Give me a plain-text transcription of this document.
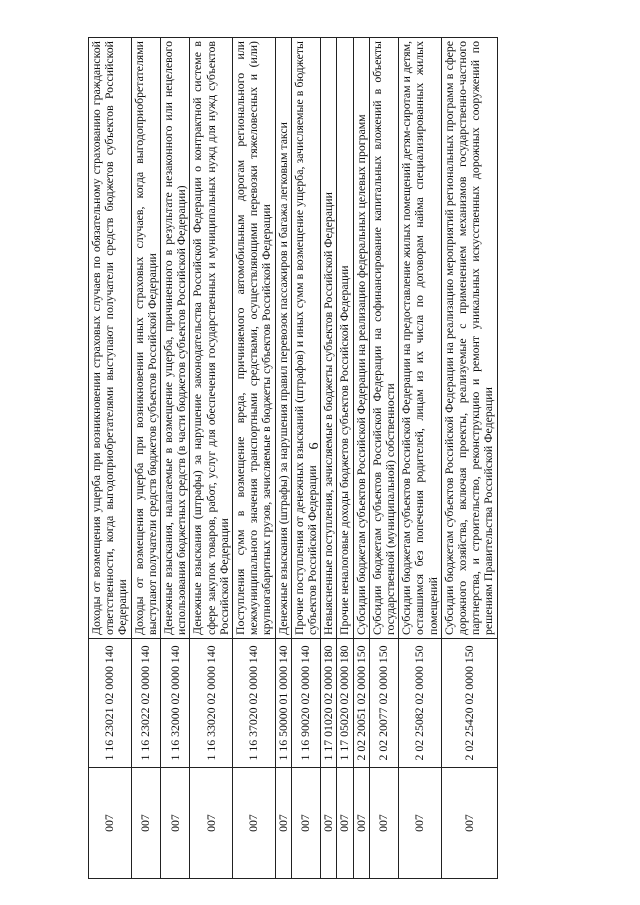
6
007	1 16 23021 02 0000 140	Доходы от возмещения ущерба при возникновении страховых случаев по обязательному страхованию гражданской ответственности, когда выгодоприобретателями выступают получатели средств бюджетов субъектов Российской Федерации
007	1 16 23022 02 0000 140	Доходы от возмещения ущерба при возникновении иных страховых случаев, когда выгодоприобретателями выступают получатели средств бюджетов субъектов Российской Федерации
007	1 16 32000 02 0000 140	Денежные взыскания, налагаемые в возмещение ущерба, причиненного в результате незаконного или нецелевого использования бюджетных средств (в части бюджетов субъектов Российской Федерации)
007	1 16 33020 02 0000 140	Денежные взыскания (штрафы) за нарушение законодательства Российской Федерации о контрактной системе в сфере закупок товаров, работ, услуг для обеспечения государственных и муниципальных нужд для нужд субъектов Российской Федерации
007	1 16 37020 02 0000 140	Поступления сумм в возмещение вреда, причиняемого автомобильным дорогам регионального или межмуниципального значения транспортными средствами, осуществляющими перевозки тяжеловесных и (или) крупногабаритных грузов, зачисляемые в бюджеты субъектов Российской Федерации
007	1 16 50000 01 0000 140	Денежные взыскания (штрафы) за нарушения правил перевозок пассажиров и багажа легковым такси
007	1 16 90020 02 0000 140	Прочие поступления от денежных взысканий (штрафов) и иных сумм в возмещение ущерба, зачисляемые в бюджеты субъектов Российской Федерации
007	1 17 01020 02 0000 180	Невыясненные поступления, зачисляемые в бюджеты субъектов Российской Федерации
007	1 17 05020 02 0000 180	Прочие неналоговые доходы бюджетов субъектов Российской Федерации
007	2 02 20051 02 0000 150	Субсидии бюджетам субъектов Российской Федерации на реализацию федеральных целевых программ
007	2 02 20077 02 0000 150	Субсидии бюджетам субъектов Российской Федерации на софинансирование капитальных вложений в объекты государственной (муниципальной) собственности
007	2 02 25082 02 0000 150	Субсидии бюджетам субъектов Российской Федерации на предоставление жилых помещений детям-сиротам и детям, оставшимся без попечения родителей, лицам из их числа по договорам найма специализированных жилых помещений
007	2 02 25420 02 0000 150	Субсидии бюджетам субъектов Российской Федерации на реализацию мероприятий региональных программ в сфере дорожного хозяйства, включая проекты, реализуемые с применением механизмов государственно-частного партнерства, и строительство, реконструкцию и ремонт уникальных искусственных дорожных сооружений по решениям Правительства Российской Федерации
